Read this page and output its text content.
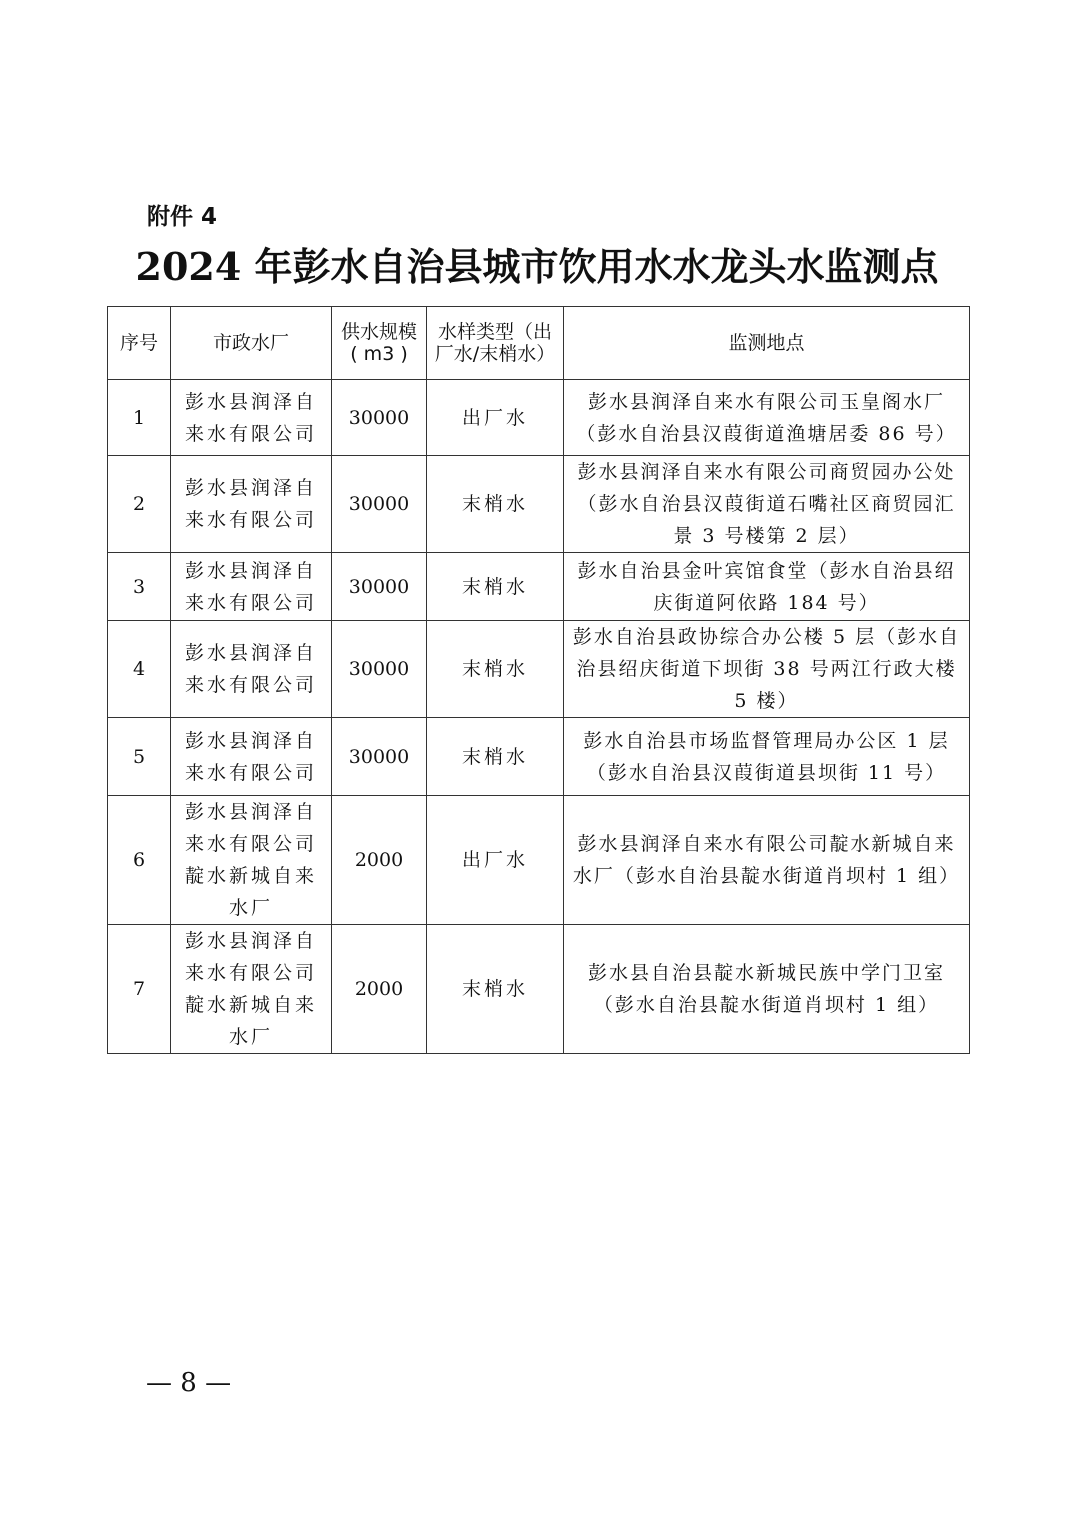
附件 4
2024 年彭水自治县城市饮用水水龙头水监测点
序号	市政水厂	供水规模( m3 )	水样类型（出厂水/末梢水）	监测地点
1	彭水县润泽自来水有限公司	30000	出厂水	彭水县润泽自来水有限公司玉皇阁水厂（彭水自治县汉葭街道渔塘居委 86 号）
2	彭水县润泽自来水有限公司	30000	末梢水	彭水县润泽自来水有限公司商贸园办公处（彭水自治县汉葭街道石嘴社区商贸园汇景 3 号楼第 2 层）
3	彭水县润泽自来水有限公司	30000	末梢水	彭水自治县金叶宾馆食堂（彭水自治县绍庆街道阿依路 184 号）
4	彭水县润泽自来水有限公司	30000	末梢水	彭水自治县政协综合办公楼 5 层（彭水自治县绍庆街道下坝街 38 号两江行政大楼 5 楼）
5	彭水县润泽自来水有限公司	30000	末梢水	彭水自治县市场监督管理局办公区 1 层（彭水自治县汉葭街道县坝街 11 号）
6	彭水县润泽自来水有限公司靛水新城自来水厂	2000	出厂水	彭水县润泽自来水有限公司靛水新城自来水厂（彭水自治县靛水街道肖坝村 1 组）
7	彭水县润泽自来水有限公司靛水新城自来水厂	2000	末梢水	彭水县自治县靛水新城民族中学门卫室（彭水自治县靛水街道肖坝村 1 组）
— 8 —
